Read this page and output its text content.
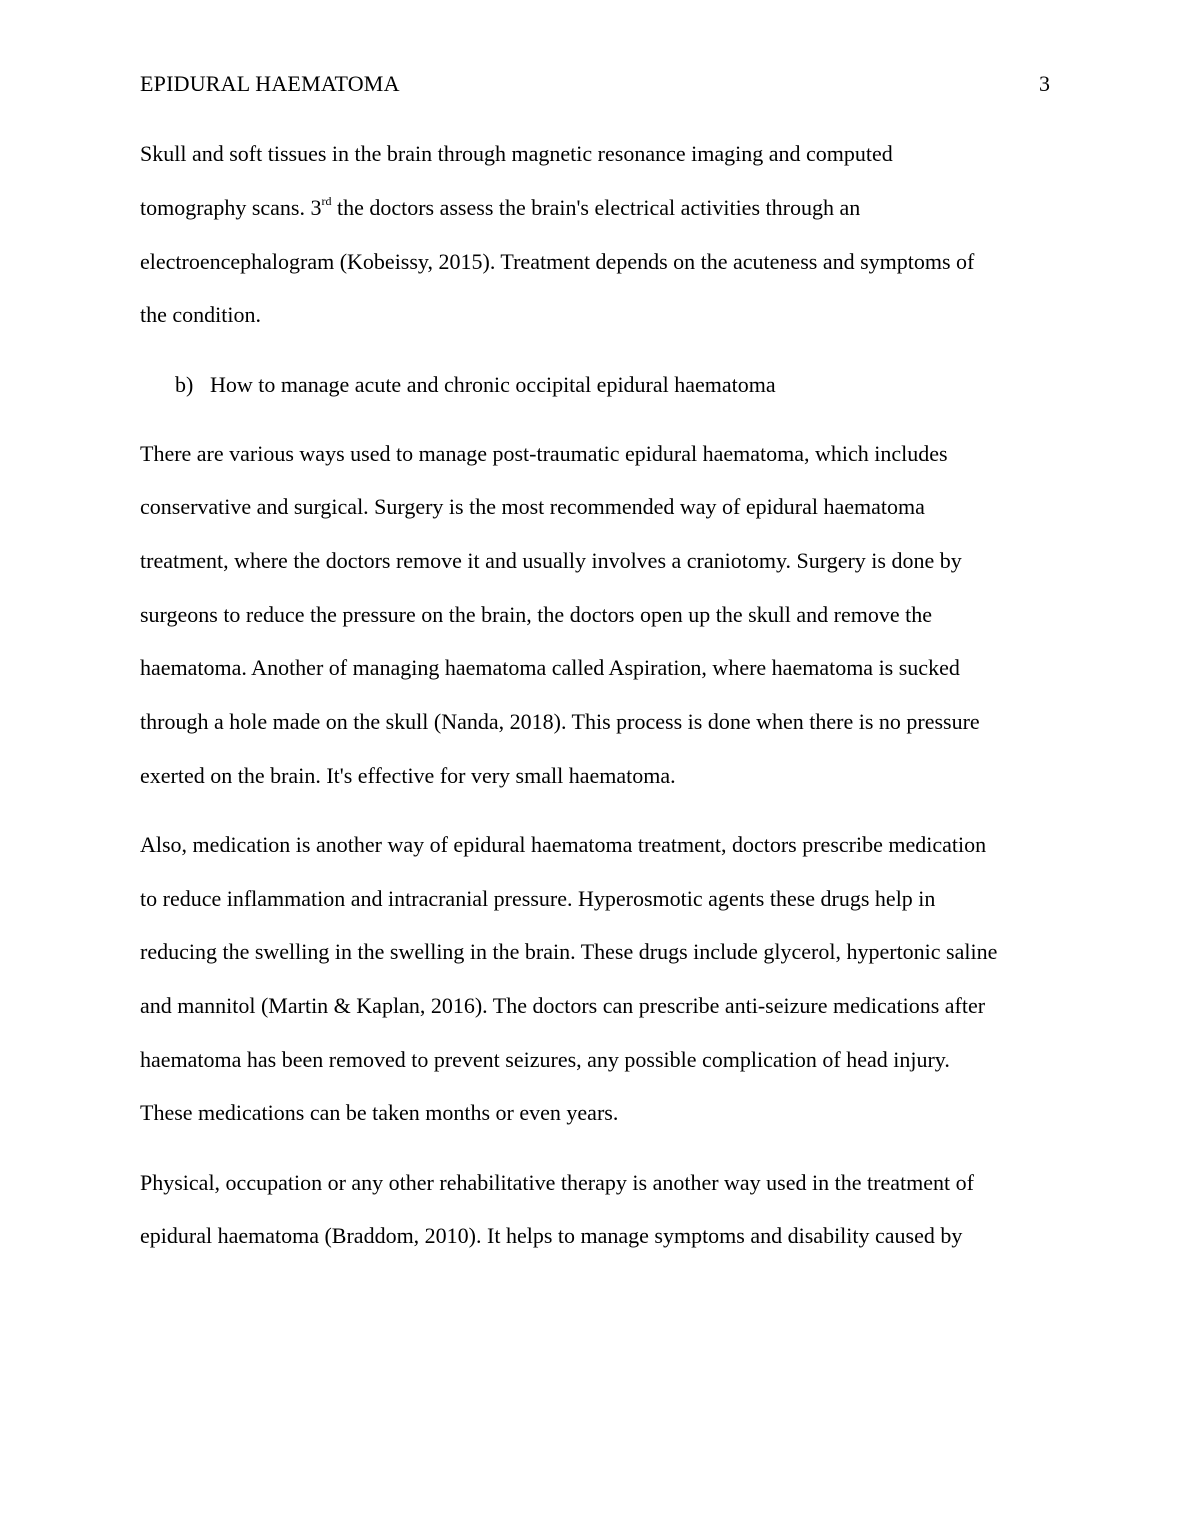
EPIDURAL HAEMATOMA	3
Skull and soft tissues in the brain through magnetic resonance imaging and computed
tomography scans. 3rd the doctors assess the brain's electrical activities through an
electroencephalogram (Kobeissy, 2015). Treatment depends on the acuteness and symptoms of
the condition.
b) How to manage acute and chronic occipital epidural haematoma
There are various ways used to manage post-traumatic epidural haematoma, which includes
conservative and surgical. Surgery is the most recommended way of epidural haematoma
treatment, where the doctors remove it and usually involves a craniotomy. Surgery is done by
surgeons to reduce the pressure on the brain, the doctors open up the skull and remove the
haematoma. Another of managing haematoma called Aspiration, where haematoma is sucked
through a hole made on the skull (Nanda, 2018). This process is done when there is no pressure
exerted on the brain. It's effective for very small haematoma.
Also, medication is another way of epidural haematoma treatment, doctors prescribe medication
to reduce inflammation and intracranial pressure. Hyperosmotic agents these drugs help in
reducing the swelling in the swelling in the brain. These drugs include glycerol, hypertonic saline
and mannitol (Martin & Kaplan, 2016). The doctors can prescribe anti-seizure medications after
haematoma has been removed to prevent seizures, any possible complication of head injury.
These medications can be taken months or even years.
Physical, occupation or any other rehabilitative therapy is another way used in the treatment of
epidural haematoma (Braddom, 2010). It helps to manage symptoms and disability caused by
